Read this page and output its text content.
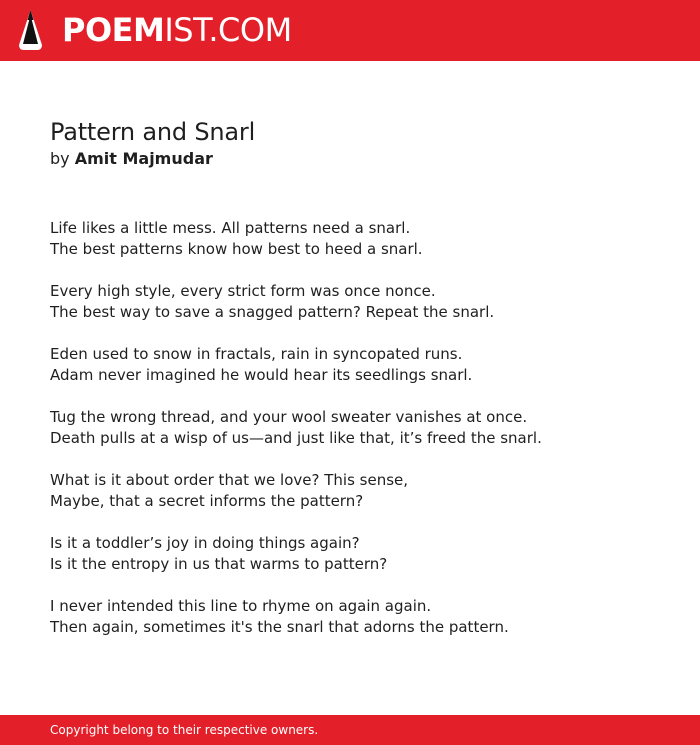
POEMIST.COM
Pattern and Snarl
by Amit Majmudar
Life likes a little mess. All patterns need a snarl.
The best patterns know how best to heed a snarl.
Every high style, every strict form was once nonce.
The best way to save a snagged pattern? Repeat the snarl.
Eden used to snow in fractals, rain in syncopated runs.
Adam never imagined he would hear its seedlings snarl.
Tug the wrong thread, and your wool sweater vanishes at once.
Death pulls at a wisp of us—and just like that, it’s freed the snarl.
What is it about order that we love? This sense,
Maybe, that a secret informs the pattern?
Is it a toddler’s joy in doing things again?
Is it the entropy in us that warms to pattern?
I never intended this line to rhyme on again again.
Then again, sometimes it's the snarl that adorns the pattern.
Copyright belong to their respective owners.
